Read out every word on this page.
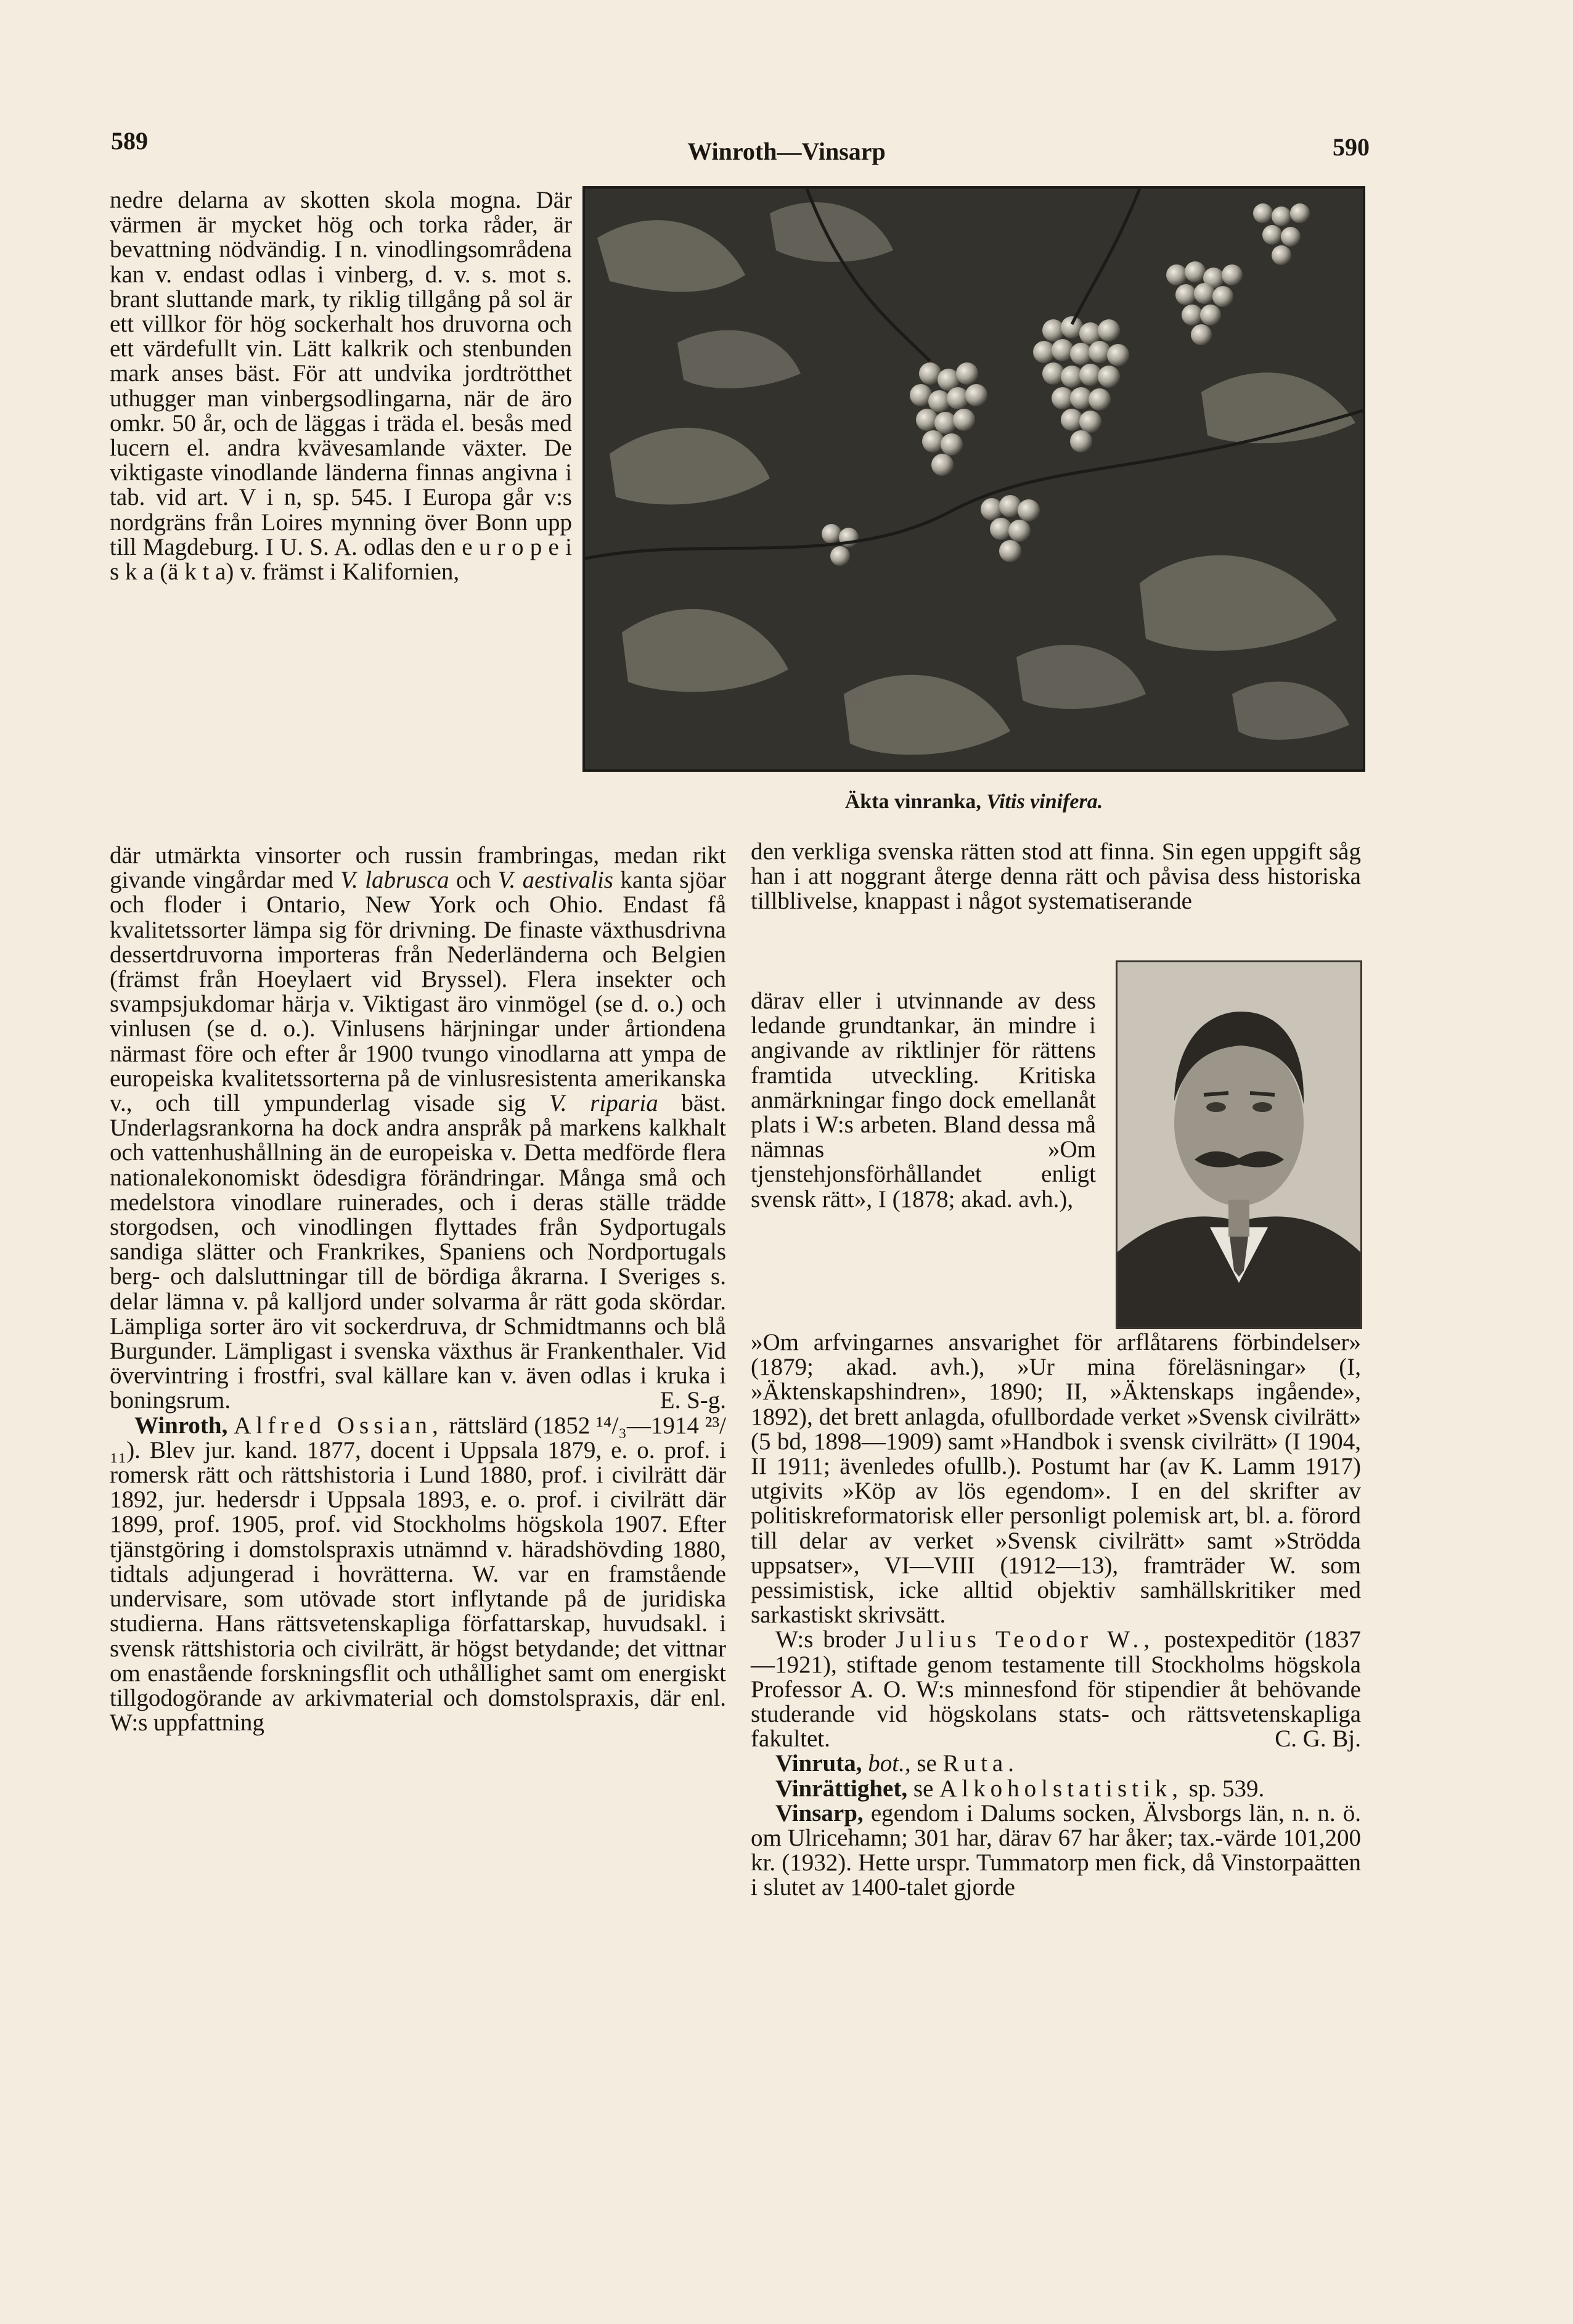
589	Winroth—Vinsarp	590

nedre delarna av skotten skola mogna. Där värmen är mycket hög och torka råder, är bevattning nödvändig. I n. vinodlingsområdena kan v. endast odlas i vinberg, d. v. s. mot s. brant sluttande mark, ty riklig tillgång på sol är ett villkor för hög sockerhalt hos druvorna och ett värdefullt vin. Lätt kalkrik och stenbunden mark anses bäst. För att undvika jordtrötthet uthugger man vinbergsodlingarna, när de äro omkr. 50 år, och de läggas i träda el. besås med lucern el. andra kvävesamlande växter. De viktigaste vinodlande länderna finnas angivna i tab. vid art. V i n, sp. 545. I Europa går v:s nordgräns från Loires mynning över Bonn upp till Magdeburg. I U. S. A. odlas den e u r o p e i s k a (ä k t a) v. främst i Kalifornien,

Äkta vinranka, Vitis vinifera.

där utmärkta vinsorter och russin frambringas, medan rikt givande vingårdar med V. labrusca och V. aestivalis kanta sjöar och floder i Ontario, New York och Ohio. Endast få kvalitetssorter lämpa sig för drivning. De finaste växthusdrivna dessertdruvorna importeras från Nederländerna och Belgien (främst från Hoeylaert vid Bryssel). Flera insekter och svampsjukdomar härja v. Viktigast äro vinmögel (se d. o.) och vinlusen (se d. o.). Vinlusens härjningar under årtiondena närmast före och efter år 1900 tvungo vinodlarna att ympa de europeiska kvalitetssorterna på de vinlusresistenta amerikanska v., och till ympunderlag visade sig V. riparia bäst. Underlagsrankorna ha dock andra anspråk på markens kalkhalt och vattenhushållning än de europeiska v. Detta medförde flera nationalekonomiskt ödesdigra förändringar. Många små och medelstora vinodlare ruinerades, och i deras ställe trädde storgodsen, och vinodlingen flyttades från Sydportugals sandiga slätter och Frankrikes, Spaniens och Nordportugals berg- och dalsluttningar till de bördiga åkrarna. I Sveriges s. delar lämna v. på kalljord under solvarma år rätt goda skördar. Lämpliga sorter äro vit sockerdruva, dr Schmidtmanns och blå Burgunder. Lämpligast i svenska växthus är Frankenthaler. Vid övervintring i frostfri, sval källare kan v. även odlas i kruka i boningsrum.	E. S-g.

Winroth, Alfred Ossian, rättslärd (1852 ¹⁴/₃—1914 ²³/₁₁). Blev jur. kand. 1877, docent i Uppsala 1879, e. o. prof. i romersk rätt och rättshistoria i Lund 1880, prof. i civilrätt där 1892, jur. hedersdr i Uppsala 1893, e. o. prof. i civilrätt där 1899, prof. 1905, prof. vid Stockholms högskola 1907. Efter tjänstgöring i domstolspraxis utnämnd v. häradshövding 1880, tidtals adjungerad i hovrätterna. W. var en framstående undervisare, som utövade stort inflytande på de juridiska studierna. Hans rättsvetenskapliga författarskap, huvudsakl. i svensk rättshistoria och civilrätt, är högst betydande; det vittnar om enastående forskningsflit och uthållighet samt om energiskt tillgodogörande av arkivmaterial och domstolspraxis, där enl. W:s uppfattning

den verkliga svenska rätten stod att finna. Sin egen uppgift såg han i att noggrant återge denna rätt och påvisa dess historiska tillblivelse, knappast i något systematiserande

därav eller i utvinnande av dess ledande grundtankar, än mindre i angivande av riktlinjer för rättens framtida utveckling. Kritiska anmärkningar fingo dock emellanåt plats i W:s arbeten. Bland dessa må nämnas »Om tjenstehjonsförhållandet enligt svensk rätt», I (1878; akad. avh.),

»Om arfvingarnes ansvarighet för arflåtarens förbindelser» (1879; akad. avh.), »Ur mina föreläsningar» (I, »Äktenskapshindren», 1890; II, »Äktenskaps ingående», 1892), det brett anlagda, ofullbordade verket »Svensk civilrätt» (5 bd, 1898—1909) samt »Handbok i svensk civilrätt» (I 1904, II 1911; ävenledes ofullb.). Postumt har (av K. Lamm 1917) utgivits »Köp av lös egendom». I en del skrifter av politiskreformatorisk eller personligt polemisk art, bl. a. förord till delar av verket »Svensk civilrätt» samt »Strödda uppsatser», VI—VIII (1912—13), framträder W. som pessimistisk, icke alltid objektiv samhällskritiker med sarkastiskt skrivsätt.

W:s broder Julius Teodor W., postexpeditör (1837—1921), stiftade genom testamente till Stockholms högskola Professor A. O. W:s minnesfond för stipendier åt behövande studerande vid högskolans stats- och rättsvetenskapliga fakultet.	C. G. Bj.

Vinruta, bot., se Ruta.

Vinrättighet, se Alkoholstatistik, sp. 539.

Vinsarp, egendom i Dalums socken, Älvsborgs län, n. n. ö. om Ulricehamn; 301 har, därav 67 har åker; tax.-värde 101,200 kr. (1932). Hette urspr. Tummatorp men fick, då Vinstorpaätten i slutet av 1400-talet gjorde
